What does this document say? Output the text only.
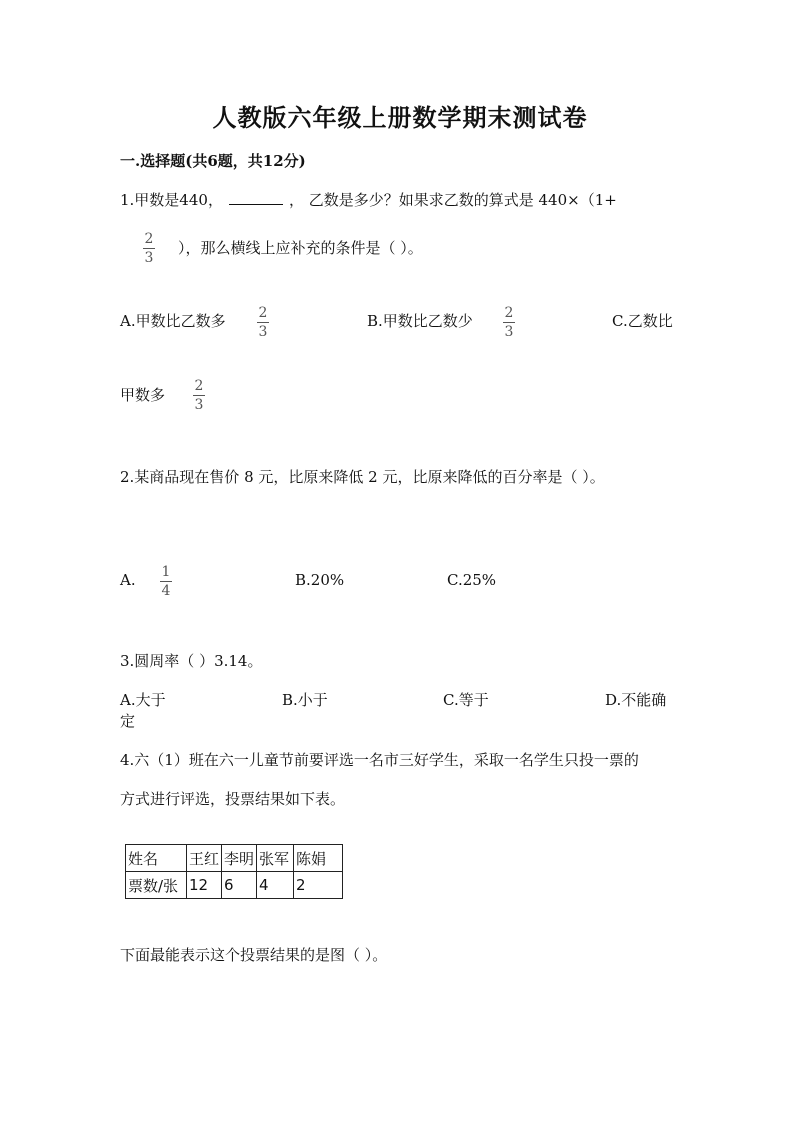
人教版六年级上册数学期末测试卷
一.选择题(共6题，共12分)
1.甲数是440，	， 乙数是多少？如果求乙数的算式是 440×（1+
2
3
），那么横线上应补充的条件是（ ）。
A.甲数比乙数多 2
3
B.甲数比乙数少 2
3
C.乙数比
甲数多 2
3
2.某商品现在售价 8 元，比原来降低 2 元，比原来降低的百分率是（ ）。
A. 1
4
B.20%	C.25%
3.圆周率（ ）3.14。
A.大于	B.小于	C.等于	D.不能确
定
4.六（1）班在六一儿童节前要评选一名市三好学生，采取一名学生只投一票的
方式进行评选，投票结果如下表。
姓名	王红	李明	张军	陈娟
票数/张	12	6	4	2
下面最能表示这个投票结果的是图（ ）。
